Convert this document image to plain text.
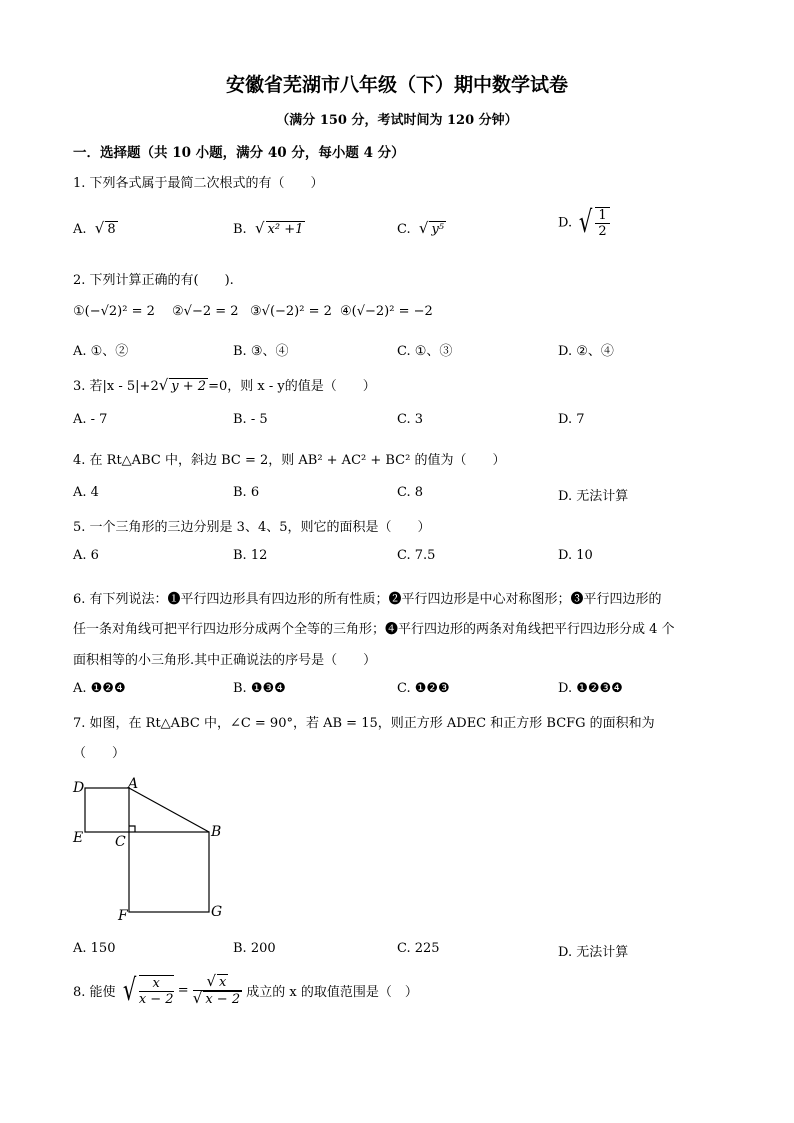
安徽省芜湖市八年级（下）期中数学试卷
（满分 150 分，考试时间为 120 分钟）
一．选择题（共 10 小题，满分 40 分，每小题 4 分）
1. 下列各式属于最简二次根式的有（　　）
A. √ 8	B. √ x² +1	C. √ y⁵	D. √ $\frac{1}{2}$
2. 下列计算正确的有(　　).
①(−√2)² = 2 ②√−2 = 2 ③√(−2)² = 2 ④(√−2)² = −2
A. ①、②	B. ③、④	C. ①、③	D. ②、④
3. 若|x - 5|+2√ y + 2 =0，则 x - y的值是（　　）
A. - 7	B. - 5	C. 3	D. 7
4. 在 Rt△ABC 中，斜边 BC = 2，则 AB² + AC² + BC² 的值为（　　）
A. 4	B. 6	C. 8	D. 无法计算
5. 一个三角形的三边分别是 3、4、5，则它的面积是（　　）
A. 6	B. 12	C. 7.5	D. 10
6. 有下列说法：❶平行四边形具有四边形的所有性质；❷平行四边形是中心对称图形；❸平行四边形的
任一条对角线可把平行四边形分成两个全等的三角形；❹平行四边形的两条对角线把平行四边形分成 4 个
面积相等的小三角形.其中正确说法的序号是（　　）
A. ❶❷❹	B. ❶❸❹	C. ❶❷❸	D. ❶❷❸❹
7. 如图，在 Rt△ABC 中，∠C = 90°，若 AB = 15，则正方形 ADEC 和正方形 BCFG 的面积和为
（　　）
D	A
E C
B
F	G
A. 150	B. 200	C. 225	D. 无法计算
8. 能使 √ $\frac{x}{x - 2} = \frac{√ x}{√ x - 2}$ 成立的 x 的取值范围是（　）
